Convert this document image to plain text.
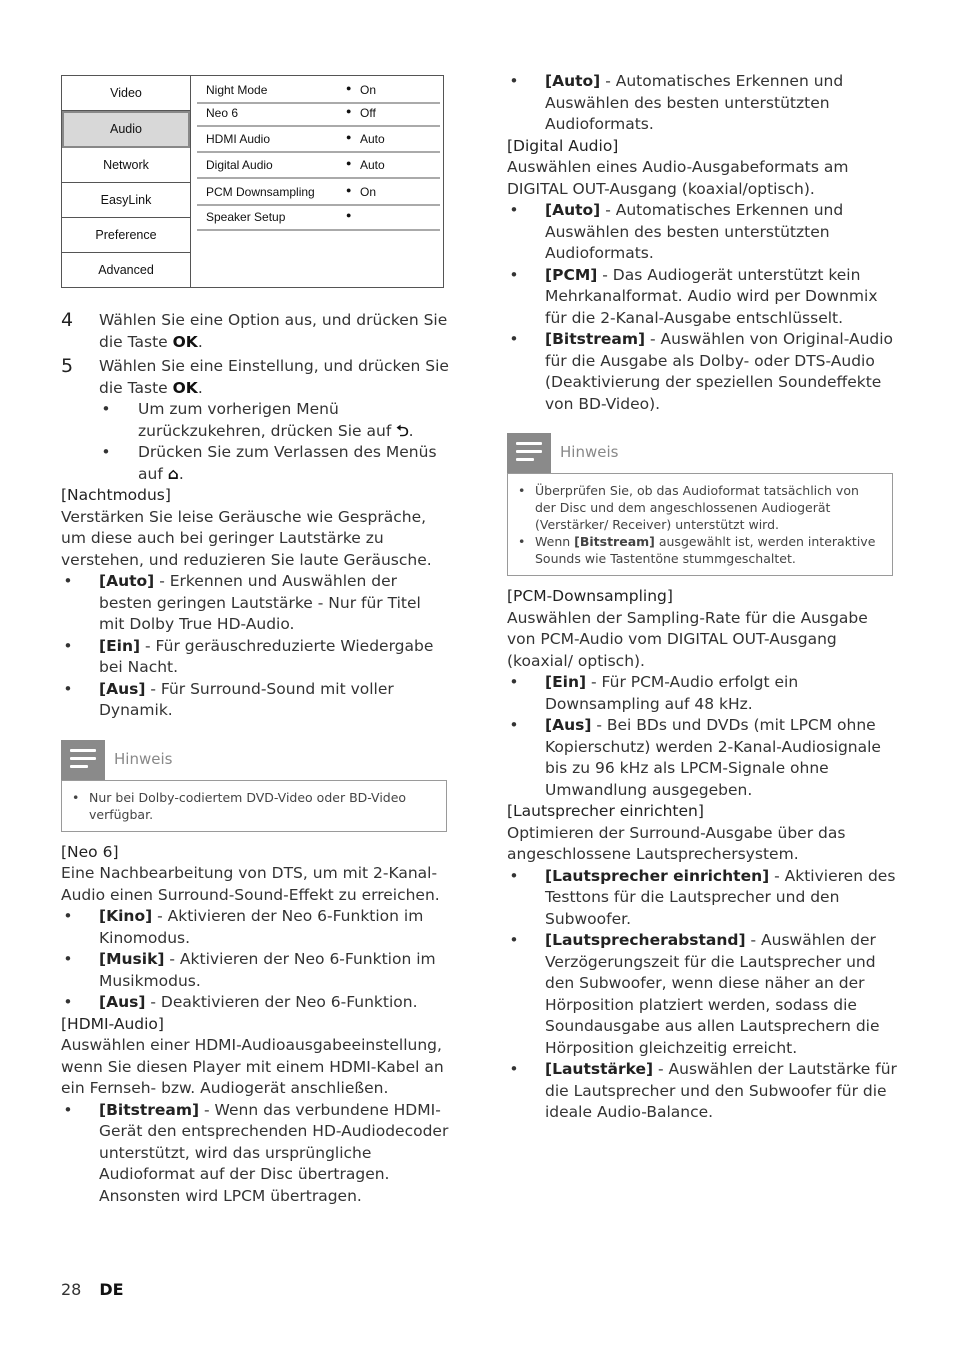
Video
Audio
Network
EasyLink
Preference
Advanced
Night Mode	● On
Neo 6	● Off
HDMI Audio	● Auto
Digital Audio	● Auto
PCM Downsampling	● On
Speaker Setup	●
4 Wählen Sie eine Option aus, und drücken Sie die Taste OK.
5 Wählen Sie eine Einstellung, und drücken Sie die Taste OK.
• Um zum vorherigen Menü zurückzukehren, drücken Sie auf ⮌.
• Drücken Sie zum Verlassen des Menüs auf ⌂.
[Nachtmodus]
Verstärken Sie leise Geräusche wie Gespräche, um diese auch bei geringer Lautstärke zu verstehen, und reduzieren Sie laute Geräusche.
• [Auto] - Erkennen und Auswählen der besten geringen Lautstärke - Nur für Titel mit Dolby True HD-Audio.
• [Ein] - Für geräuschreduzierte Wiedergabe bei Nacht.
• [Aus] - Für Surround-Sound mit voller Dynamik.
Hinweis
• Nur bei Dolby-codiertem DVD-Video oder BD-Video verfügbar.
[Neo 6]
Eine Nachbearbeitung von DTS, um mit 2-Kanal-Audio einen Surround-Sound-Effekt zu erreichen.
• [Kino] - Aktivieren der Neo 6-Funktion im Kinomodus.
• [Musik] - Aktivieren der Neo 6-Funktion im Musikmodus.
• [Aus] - Deaktivieren der Neo 6-Funktion.
[HDMI-Audio]
Auswählen einer HDMI-Audioausgabeeinstellung, wenn Sie diesen Player mit einem HDMI-Kabel an ein Fernseh- bzw. Audiogerät anschließen.
• [Bitstream] - Wenn das verbundene HDMI-Gerät den entsprechenden HD-Audiodecoder unterstützt, wird das ursprüngliche Audioformat auf der Disc übertragen. Ansonsten wird LPCM übertragen.
• [Auto] - Automatisches Erkennen und Auswählen des besten unterstützten Audioformats.
[Digital Audio]
Auswählen eines Audio-Ausgabeformats am DIGITAL OUT-Ausgang (koaxial/optisch).
• [Auto] - Automatisches Erkennen und Auswählen des besten unterstützten Audioformats.
• [PCM] - Das Audiogerät unterstützt kein Mehrkanalformat. Audio wird per Downmix für die 2-Kanal-Ausgabe entschlüsselt.
• [Bitstream] - Auswählen von Original-Audio für die Ausgabe als Dolby- oder DTS-Audio (Deaktivierung der speziellen Soundeffekte von BD-Video).
Hinweis
• Überprüfen Sie, ob das Audioformat tatsächlich von der Disc und dem angeschlossenen Audiogerät (Verstärker/ Receiver) unterstützt wird.
• Wenn [Bitstream] ausgewählt ist, werden interaktive Sounds wie Tastentöne stummgeschaltet.
[PCM-Downsampling]
Auswählen der Sampling-Rate für die Ausgabe von PCM-Audio vom DIGITAL OUT-Ausgang (koaxial/ optisch).
• [Ein] - Für PCM-Audio erfolgt ein Downsampling auf 48 kHz.
• [Aus] - Bei BDs und DVDs (mit LPCM ohne Kopierschutz) werden 2-Kanal-Audiosignale bis zu 96 kHz als LPCM-Signale ohne Umwandlung ausgegeben.
[Lautsprecher einrichten]
Optimieren der Surround-Ausgabe über das angeschlossene Lautsprechersystem.
• [Lautsprecher einrichten] - Aktivieren des Testtons für die Lautsprecher und den Subwoofer.
• [Lautsprecherabstand] - Auswählen der Verzögerungszeit für die Lautsprecher und den Subwoofer, wenn diese näher an der Hörposition platziert werden, sodass die Soundausgabe aus allen Lautsprechern die Hörposition gleichzeitig erreicht.
• [Lautstärke] - Auswählen der Lautstärke für die Lautsprecher und den Subwoofer für die ideale Audio-Balance.
28 DE
